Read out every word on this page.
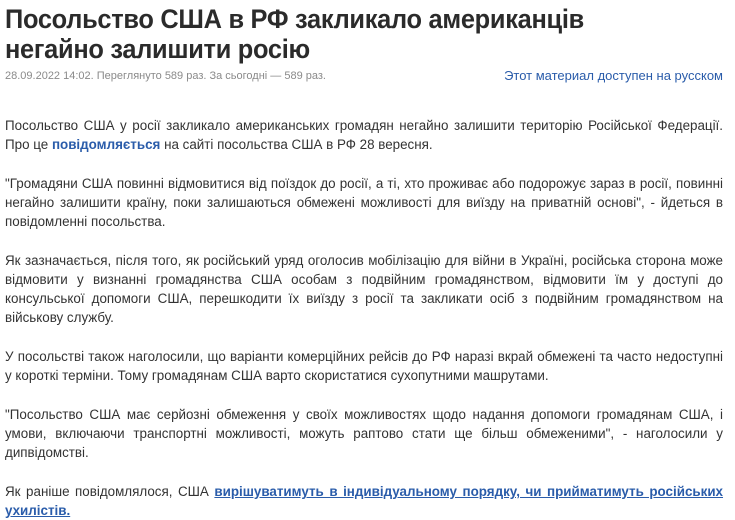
Посольство США в РФ закликало американців
негайно залишити росію
28.09.2022 14:02. Переглянуто 589 раз. За сьогодні — 589 раз.	Этот материал доступен на русском

Посольство США у росії закликало американських громадян негайно залишити територію Російської Федерації. Про це повідомляється на сайті посольства США в РФ 28 вересня.

"Громадяни США повинні відмовитися від поїздок до росії, а ті, хто проживає або подорожує зараз в росії, повинні негайно залишити країну, поки залишаються обмежені можливості для виїзду на приватній основі", - йдеться в повідомленні посольства.

Як зазначається, після того, як російський уряд оголосив мобілізацію для війни в Україні, російська сторона може відмовити у визнанні громадянства США особам з подвійним громадянством, відмовити їм у доступі до консульської допомоги США, перешкодити їх виїзду з росії та закликати осіб з подвійним громадянством на військову службу.

У посольстві також наголосили, що варіанти комерційних рейсів до РФ наразі вкрай обмежені та часто недоступні у короткі терміни. Тому громадянам США варто скористатися сухопутними машрутами.

"Посольство США має серйозні обмеження у своїх можливостях щодо надання допомоги громадянам США, і умови, включаючи транспортні можливості, можуть раптово стати ще більш обмеженими", - наголосили у дипвідомстві.

Як раніше повідомлялося, США вирішуватимуть в індивідуальному порядку, чи прийматимуть російських ухилістів.
